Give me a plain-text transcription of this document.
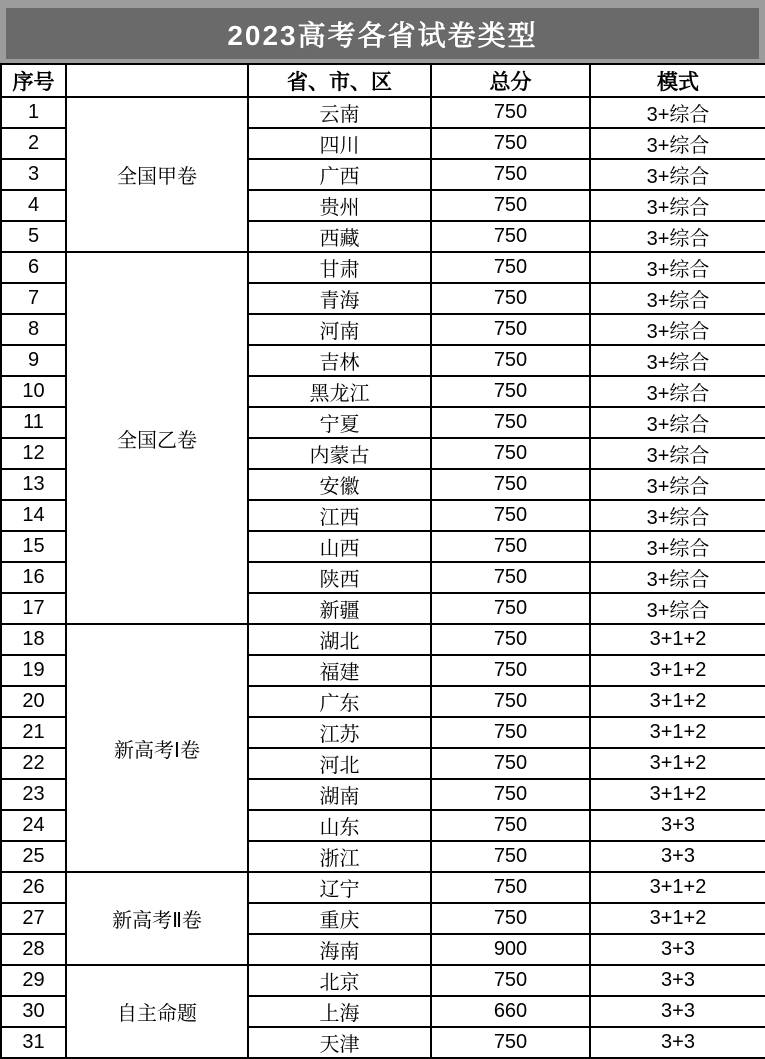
2023高考各省试卷类型
序号		省、市、区	总分	模式
1	全国甲卷	云南	750	3+综合
2		四川	750	3+综合
3		广西	750	3+综合
4		贵州	750	3+综合
5		西藏	750	3+综合
6	全国乙卷	甘肃	750	3+综合
7		青海	750	3+综合
8		河南	750	3+综合
9		吉林	750	3+综合
10		黑龙江	750	3+综合
11		宁夏	750	3+综合
12		内蒙古	750	3+综合
13		安徽	750	3+综合
14		江西	750	3+综合
15		山西	750	3+综合
16		陕西	750	3+综合
17		新疆	750	3+综合
18	新高考Ⅰ卷	湖北	750	3+1+2
19		福建	750	3+1+2
20		广东	750	3+1+2
21		江苏	750	3+1+2
22		河北	750	3+1+2
23		湖南	750	3+1+2
24		山东	750	3+3
25		浙江	750	3+3
26	新高考Ⅱ卷	辽宁	750	3+1+2
27		重庆	750	3+1+2
28		海南	900	3+3
29	自主命题	北京	750	3+3
30		上海	660	3+3
31		天津	750	3+3
